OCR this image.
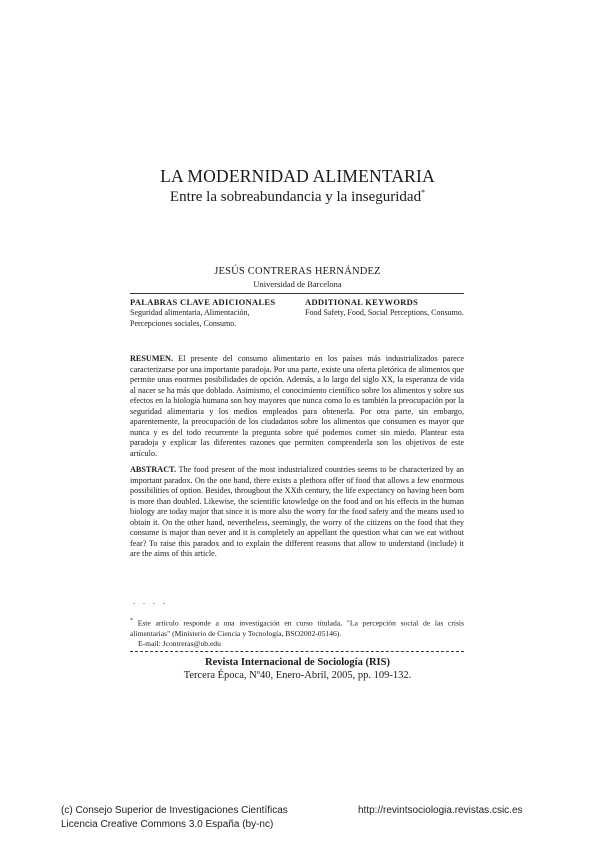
LA MODERNIDAD ALIMENTARIA
Entre la sobreabundancia y la inseguridad*
JESÚS CONTRERAS HERNÁNDEZ
Universidad de Barcelona
PALABRAS CLAVE ADICIONALES
Seguridad alimentaria, Alimentación, Percepciones sociales, Consumo.
ADDITIONAL KEYWORDS
Food Safety, Food, Social Perceptions, Consumo.
RESUMEN. El presente del consumo alimentario en los países más industrializados parece caracterizarse por una importante paradoja. Por una parte, existe una oferta pletórica de alimentos que permite unas enormes posibilidades de opción. Además, a lo largo del siglo XX, la esperanza de vida al nacer se ha más que doblado. Asimismo, el conocimiento científico sobre los alimentos y sobre sus efectos en la biología humana son hoy mayores que nunca como lo es también la preocupación por la seguridad alimentaria y los medios empleados para obtenerla. Por otra parte, sin embargo, aparentemente, la preocupación de los ciudadanos sobre los alimentos que consumen es mayor que nunca y es del todo recurrente la pregunta sobre qué podemos comer sin miedo. Plantear esta paradoja y explicar las diferentes razones que permiten comprenderla son los objetivos de este artículo.
ABSTRACT. The food present of the most industrialized countries seems to be characterized by an important paradox. On the one hand, there exists a plethora offer of food that allows a few enormous possibilities of option. Besides, throughout the XXth century, the life expectancy on having been born is more than doubled. Likewise, the scientific knowledge on the food and on his effects in the human biology are today major that since it is more also the worry for the food safety and the means used to obtain it. On the other hand, nevertheless, seemingly, the worry of the citizens on the food that they consume is major than never and it is completely an appellant the question what can we eat without fear? To raise this paradox and to explain the different reasons that allow to understand (include) it are the aims of this article.
. . . .
* Este artículo responde a una investigación en curso titulada, "La percepción social de las crisis alimentarias" (Ministerio de Ciencia y Tecnología, BSO2002-05146).
E-mail: Jcontreras@ub.edu
Revista Internacional de Sociología (RIS)
Tercera Época, Nº40, Enero-Abril, 2005, pp. 109-132.
(c) Consejo Superior de Investigaciones Científicas
Licencia Creative Commons 3.0 España (by-nc)
http://revintsociologia.revistas.csic.es
